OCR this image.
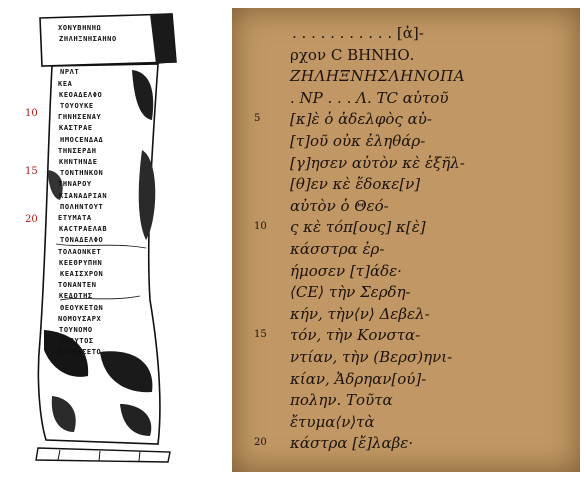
10
15
20
ΧΟΝΥΒΗΝΗΩ
ΖΗΛΗΞΝΗΣΑΗΝΟ
ΝΡΛΤ
ΚΕΑ
ΚΕΟΑΔΕΛΦΟ
ΤΟΥΟΥΚΕ
ΓΗΝΗΣΕΝΑΥ
ΚΑΣΤΡΑΕ
ΗΜΟCΕΝΔΑΔ
ΤΗΝΣΕΡΔΗ
ΚΗΝΤΗΝΔΕ
ΤΟΝΤΗΝΚΟΝ
ΤΗΝΑΡΟΥ
ΚΙΑΝΑΔΡΙΑΝ
ΠΟΛΗΝΤΟΥΤ
ΕΤΥΜΑΤΑ
ΚΑCΤΡΑΕΛΑΒ
ΤΟΝΑΔΕΛΦΟ
ΤΟΛΑΟΝΚΕΤ
ΚΕΕΘΡΥΠΗΝ
ΚΕΑΙΣΧΡΟΝ
ΤΟΝΑΝΤΕΝ
ΚΕΔΟΤΗΣ
ΘΕΟΥΚΕΤΩΝ
ΝΟΜΟΥΣΑΡΧ
ΤΟΥΝΟΜΟ
ΚΕΟΥΤΟΣ
ΚΑΠΕΚΣΕΤΟ
. . . . . . . . . . . [ἀ]-
ρχον C ΒΗΝΗΟ.
ΖΗΛΗΞΝΗΣΛΗΝΟΠΑ
. ΝΡ . . . Λ. ΤC αὐτοῦ
5 [κ]ὲ ὁ ἀδελφὸς αὐ-
[τ]οῦ οὐκ ἐληθάρ-
[γ]ησεν αὐτὸν κὲ ἐξῆλ-
[θ]εν κὲ ἔδοκε[ν]
αὐτὸν ὁ Θεό-
10 ς κὲ τόπ[ους] κ[ὲ]
κάσστρα ἐρ-
ήμοσεν [τ]άδε·
⟨CE⟩ τὴν Σερδη-
κήν, τὴν⟨ν⟩ Δεβελ-
15 τόν, τὴν Κονστα-
ντίαν, τὴν (Βερσ)ηνι-
κίαν, Ἀδρηαν[ού]-
πολην. Τοῦτα
ἔτυμα⟨ν⟩τὰ
20 κάστρα [ἔ]λαβε·
